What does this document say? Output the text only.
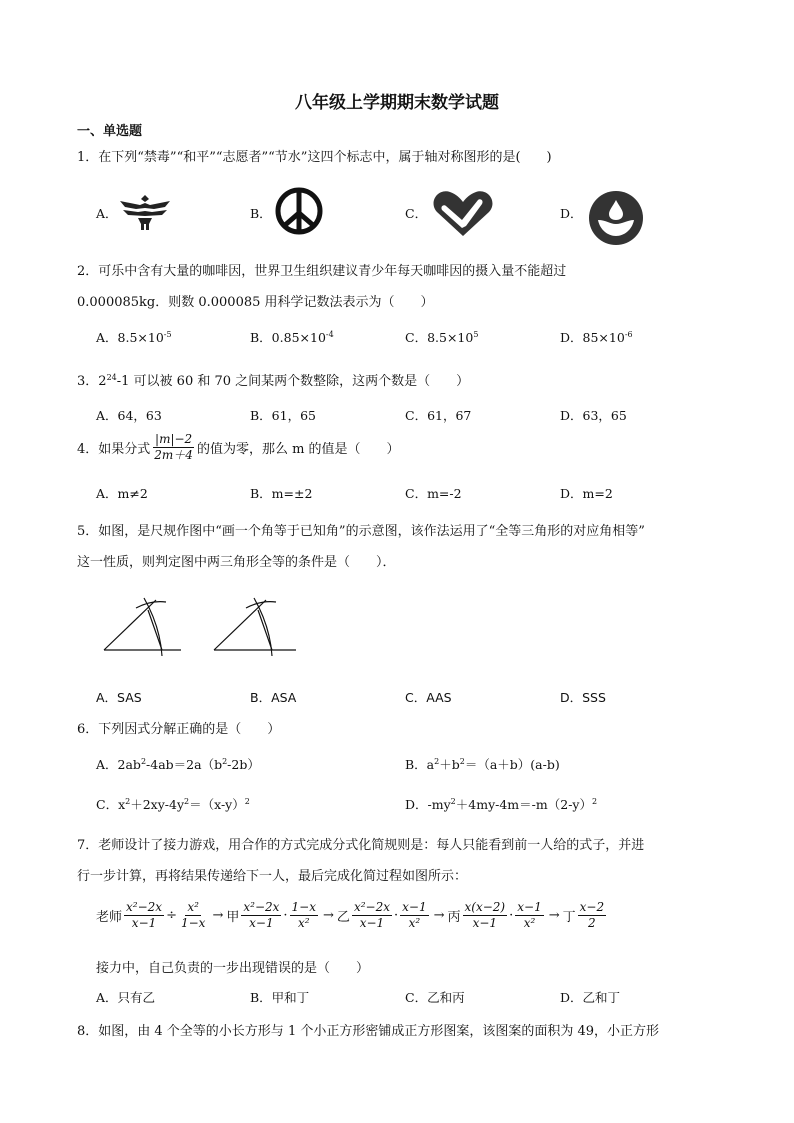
八年级上学期期末数学试题
一、单选题
1．在下列“禁毒”“和平”“志愿者”“节水”这四个标志中，属于轴对称图形的是(　　)
A．	B．	C．	D．
2．可乐中含有大量的咖啡因，世界卫生组织建议青少年每天咖啡因的摄入量不能超过
0.000085kg．则数 0.000085 用科学记数法表示为（　　）
A．$8.5\times 10^{-5}$	B．$0.85\times 10^{-4}$	C．$8.5\times 10^5$	D．$85\times 10^{-6}$
3．$2^{24}-1$ 可以被 60 和 70 之间某两个数整除，这两个数是（　　）
A．64，63	B．61，65	C．61，67	D．63，65
4．如果分式 $\frac{|m|-2}{2m+4}$ 的值为零，那么 m 的值是（　　）
A．m≠2	B．m=±2	C．m=-2	D．m=2
5．如图，是尺规作图中“画一个角等于已知角”的示意图，该作法运用了“全等三角形的对应角相等”
这一性质，则判定图中两三角形全等的条件是（　　）．
A．SAS	B．ASA	C．AAS	D．SSS
6．下列因式分解正确的是（　　）
A．$2ab^2-4ab=2a(b^2-2b)$	B．$a^2+b^2=(a+b)(a-b)$
C．$x^2+2xy-4y^2=(x-y)^2$	D．$-my^2+4my-4m=-m(2-y)^2$
7．老师设计了接力游戏，用合作的方式完成分式化简规则是：每人只能看到前一人给的式子，并进
行一步计算，再将结果传递给下一人，最后完成化简过程如图所示：
老师 $\frac{\text{x²−2x}}{x-1} \div \frac{\text{x²}}{1-x}$ → 甲 $\frac{\text{x²−2x}}{x-1} \cdot \frac{1-x}{\text{x²}}$ → 乙 $\frac{\text{x²−2x}}{x-1} \cdot \frac{x-1}{\text{x²}}$ → 丙 $\frac{x(x-2)}{x-1} \cdot \frac{x-1}{\text{x²}}$ → 丁 $\frac{x-2}{2}$
接力中，自己负责的一步出现错误的是（　　）
A．只有乙	B．甲和丁	C．乙和丙	D．乙和丁
8．如图，由 4 个全等的小长方形与 1 个小正方形密铺成正方形图案，该图案的面积为 49，小正方形
